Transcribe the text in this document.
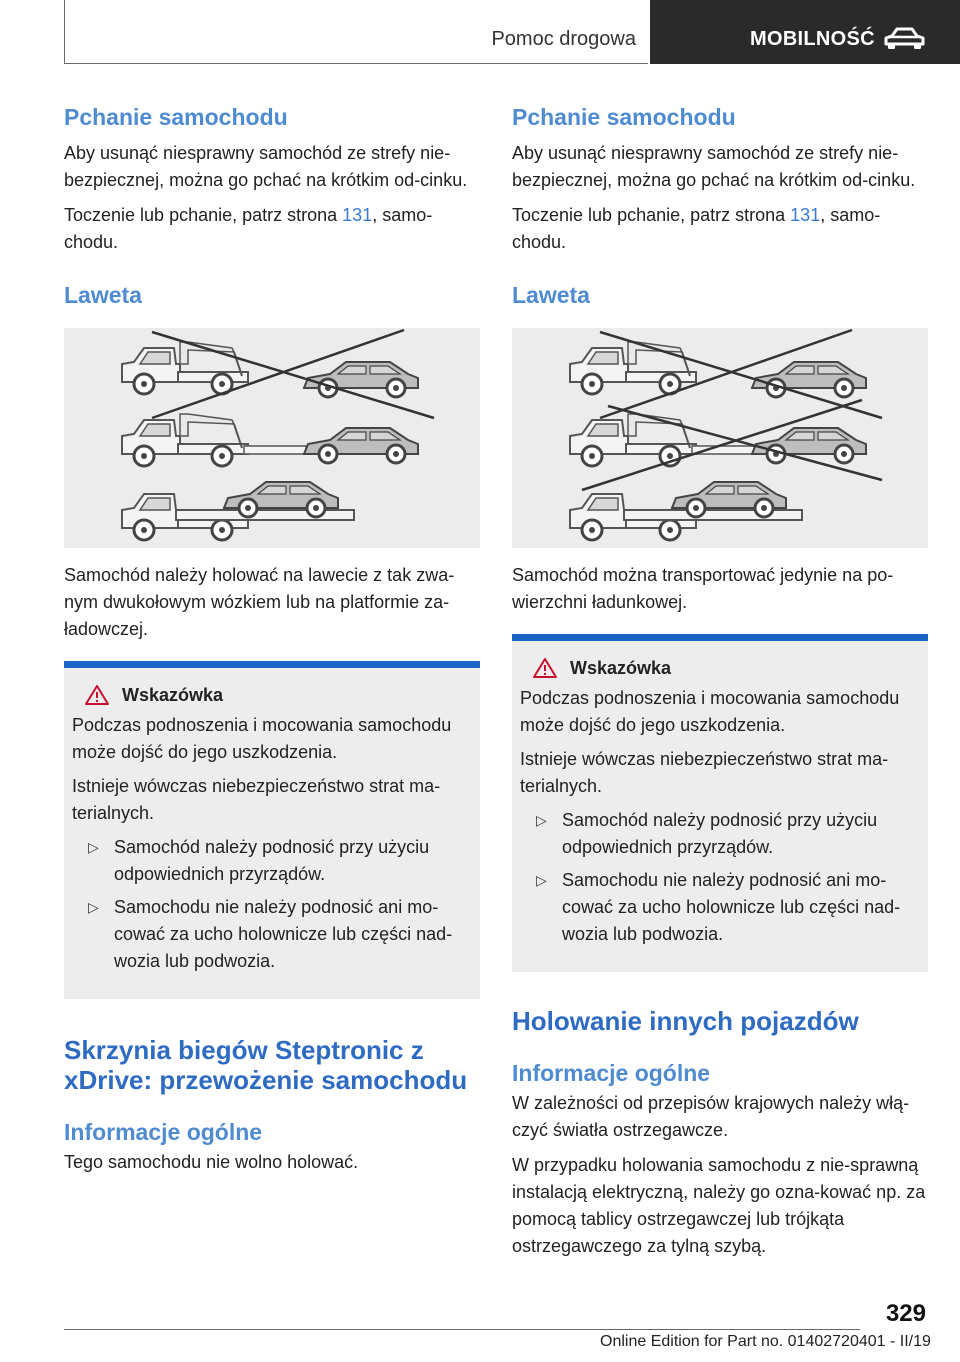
Pomoc drogowa	MOBILNOŚĆ
Pchanie samochodu

Aby usunąć niesprawny samochód ze strefy nie-bezpiecznej, można go pchać na krótkim od-cinku.

Toczenie lub pchanie, patrz strona 131, samo-chodu.

Laweta

Samochód należy holować na lawecie z tak zwa-nym dwukołowym wózkiem lub na platformie za-ładowczej.

Wskazówka

Podczas podnoszenia i mocowania samochodu może dojść do jego uszkodzenia.

Istnieje wówczas niebezpieczeństwo strat ma-terialnych.

▷ Samochód należy podnosić przy użyciu odpowiednich przyrządów.

▷ Samochodu nie należy podnosić ani mo-cować za ucho holownicze lub części nad-wozia lub podwozia.

Skrzynia biegów Steptronic z xDrive: przewożenie samochodu
Informacje ogólne

Tego samochodu nie wolno holować.

Pchanie samochodu

Aby usunąć niesprawny samochód ze strefy nie-bezpiecznej, można go pchać na krótkim od-cinku.

Toczenie lub pchanie, patrz strona 131, samo-chodu.

Laweta

Samochód można transportować jedynie na po-wierzchni ładunkowej.

Wskazówka

Podczas podnoszenia i mocowania samochodu może dojść do jego uszkodzenia.

Istnieje wówczas niebezpieczeństwo strat ma-terialnych.

▷ Samochód należy podnosić przy użyciu odpowiednich przyrządów.

▷ Samochodu nie należy podnosić ani mo-cować za ucho holownicze lub części nad-wozia lub podwozia.

Holowanie innych pojazdów
Informacje ogólne

W zależności od przepisów krajowych należy włą-czyć światła ostrzegawcze.

W przypadku holowania samochodu z nie-sprawną instalacją elektryczną, należy go ozna-kować np. za pomocą tablicy ostrzegawczej lub trójkąta ostrzegawczego za tylną szybą.

329
Online Edition for Part no. 01402720401 - II/19
